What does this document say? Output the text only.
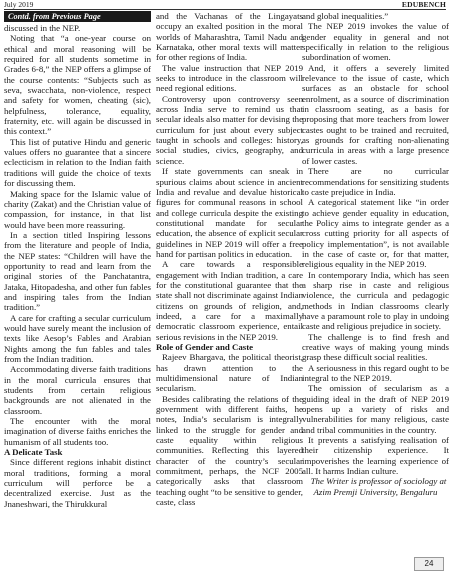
July 2019	EDUBENCH
Contd. from Previous Page

discussed in the NEP.

Noting that “a one-year course on ethical and moral reasoning will be required for all students sometime in Grades 6-8,” the NEP offers a glimpse of the course contents: “Subjects such as seva, swacchata, non-violence, respect and safety for women, cheating (sic), helpfulness, tolerance, equality, fraternity, etc. will again be discussed in this context.”

This list of putative Hindu and generic values offers no guarantee that a sincere eclecticism in relation to the Indian faith traditions will guide the choice of texts for discussing them.

Making space for the Islamic value of charity (Zakat) and the Christian value of compassion, for instance, in that list would have been more reassuring.

In a section titled Inspiring lessons from the literature and people of India, the NEP states: “Children will have the opportunity to read and learn from the original stories of the Panchatantra, Jataka, Hitopadesha, and other fun fables and inspiring tales from the Indian tradition.”

A care for crafting a secular curriculum would have surely meant the inclusion of texts like Aesop’s Fables and Arabian Nights among the fun fables and tales from the Indian tradition.

Accommodating diverse faith traditions in the moral curricula ensures that students from certain religious backgrounds are not alienated in the classroom.

The encounter with the moral imagination of diverse faiths enriches the humanism of all students too.

A Delicate Task

Since different regions inhabit distinct moral traditions, forming a moral curriculum will perforce be a decentralized exercise. Just as the Jnaneshwari, the Thirukkural

and the Vachanas of the Lingayats occupy an exalted position in the moral worlds of Maharashtra, Tamil Nadu and Karnataka, other moral texts will matter for other regions of India.

The value instruction that NEP 2019 seeks to introduce in the classroom will need regional editions.

Controversy upon controversy seen across India serve to remind us that secular ideals also matter for devising the curriculum for just about every subject taught in schools and colleges: history, social studies, civics, geography, and science.

If state governments can sneak in spurious claims about science in ancient India and revalue and devalue historical figures for communal reasons in school and college curricula despite the existing constitutional mandate for secular education, the absence of explicit secular guidelines in NEP 2019 will offer a free hand for partisan politics in education.

A care towards a responsible engagement with Indian tradition, a care for the constitutional guarantee that the state shall not discriminate against Indian citizens on grounds of religion, and, indeed, a care for a maximally democratic classroom experience, entail serious revisions in the NEP 2019.

Role of Gender and Caste

Rajeev Bhargava, the political theorist, has drawn attention to the multidimensional nature of Indian secularism.

Besides calibrating the relations of the government with different faiths, he notes, India’s secularism is integrally linked to the struggle for gender and caste equality within religious communities. Reflecting this layered character of the country’s secular commitment, perhaps, the NCF 2005 categorically asks that classroom teaching ought “to be sensitive to gender, caste, class

and global inequalities.”

The NEP 2019 invokes the value of gender equality in general and not specifically in relation to the religious subordination of women.

And, it offers a severely limited relevance to the issue of caste, which surfaces as an obstacle for school enrolment, as a source of discrimination in classroom seating, as a basis for proposing that more teachers from lower castes ought to be trained and recruited, as grounds for crafting non-alienating curricula in areas with a large presence of lower castes.

There are no curricular recommendations for sensitizing students to caste prejudice in India.

A categorical statement like “in order to achieve gender equality in education, the Policy aims to integrate gender as a cross cutting priority for all aspects of policy implementation”, is not available in the case of caste or, for that matter, religious equality in the NEP 2019.

In contemporary India, which has seen a sharp rise in caste and religious violence, the curricula and pedagogic methods in Indian classrooms clearly have a paramount role to play in undoing caste and religious prejudice in society.

The challenge is to find fresh and creative ways of making young minds grasp these difficult social realities.

A seriousness in this regard ought to be integral to the NEP 2019.

The omission of secularism as a guiding ideal in the draft of NEP 2019 opens up a variety of risks and vulnerabilities for many religious, caste and tribal communities in the country.

It prevents a satisfying realisation of their citizenship experience. It impoverishes the learning experience of all. It harms Indian culture.

The Writer is professor of sociology at Azim Premji University, Bengaluru

24
